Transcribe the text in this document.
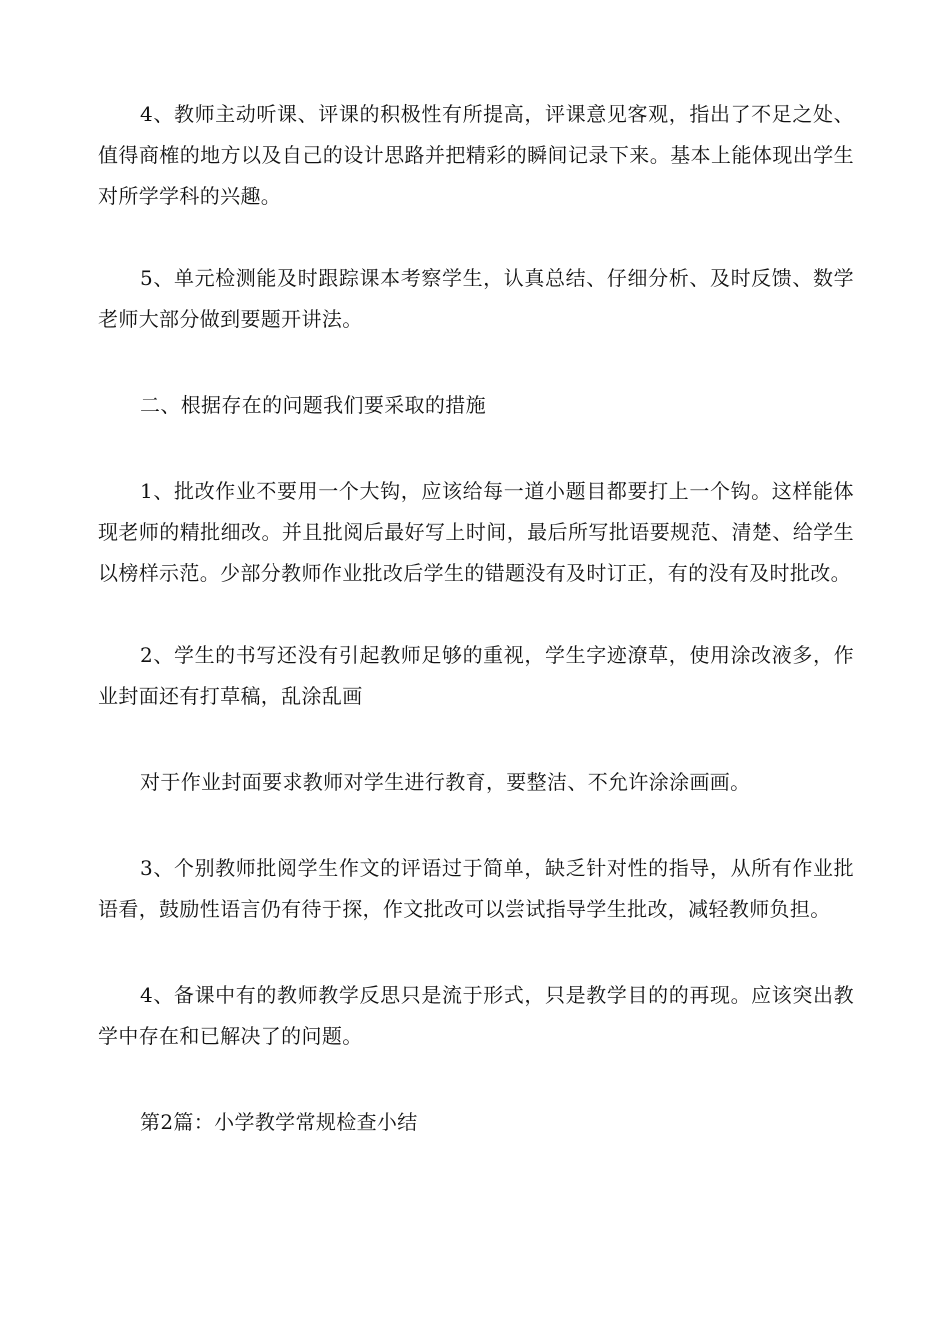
4、教师主动听课、评课的积极性有所提高，评课意见客观，指出了不足之处、值得商榷的地方以及自己的设计思路并把精彩的瞬间记录下来。基本上能体现出学生对所学学科的兴趣。

5、单元检测能及时跟踪课本考察学生，认真总结、仔细分析、及时反馈、数学老师大部分做到要题开讲法。

二、根据存在的问题我们要采取的措施

1、批改作业不要用一个大钩，应该给每一道小题目都要打上一个钩。这样能体现老师的精批细改。并且批阅后最好写上时间，最后所写批语要规范、清楚、给学生以榜样示范。少部分教师作业批改后学生的错题没有及时订正，有的没有及时批改。

2、学生的书写还没有引起教师足够的重视，学生字迹潦草，使用涂改液多，作业封面还有打草稿，乱涂乱画

对于作业封面要求教师对学生进行教育，要整洁、不允许涂涂画画。

3、个别教师批阅学生作文的评语过于简单，缺乏针对性的指导，从所有作业批语看，鼓励性语言仍有待于探，作文批改可以尝试指导学生批改，减轻教师负担。

4、备课中有的教师教学反思只是流于形式，只是教学目的的再现。应该突出教学中存在和已解决了的问题。

第2篇：小学教学常规检查小结
